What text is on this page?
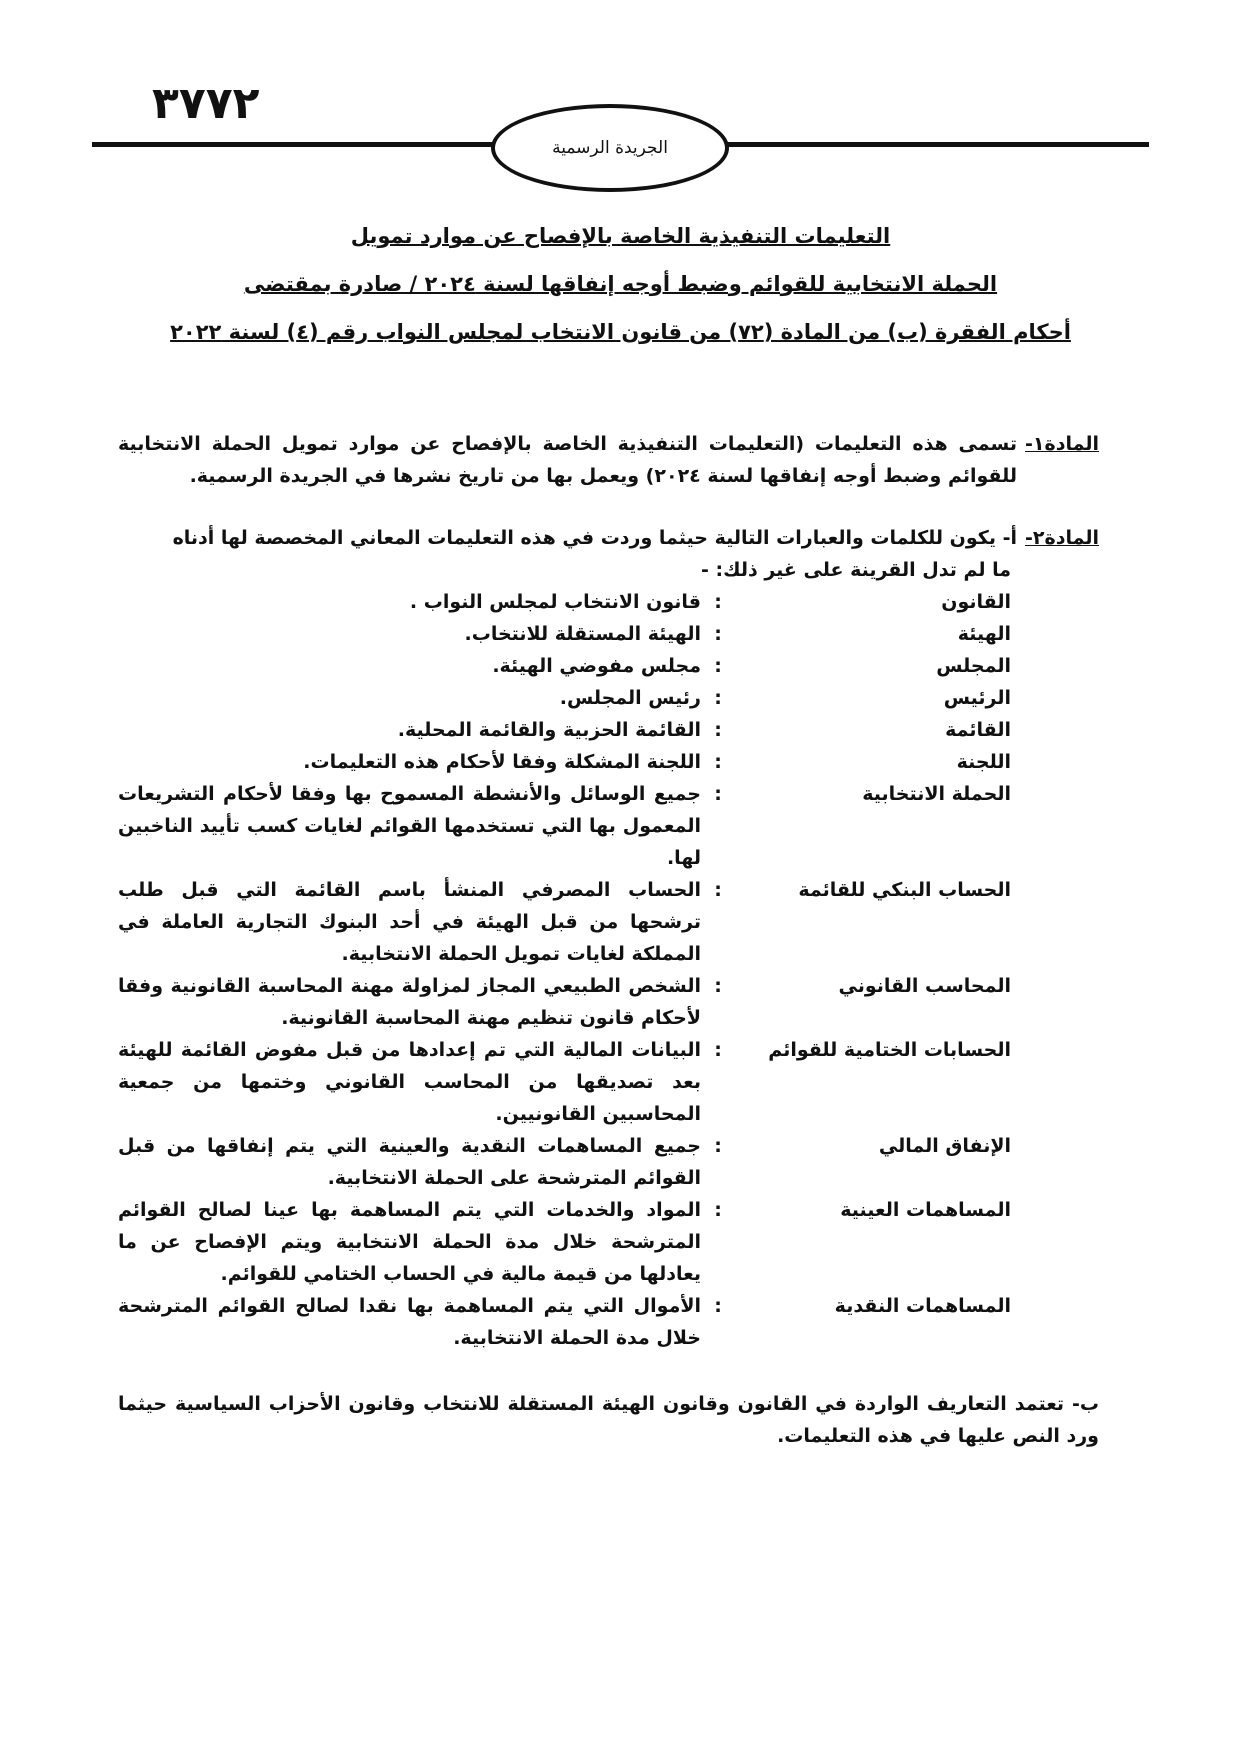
٣٧٧٢
الجريدة الرسمية
التعليمات التنفيذية الخاصة بالإفصاح عن موارد تمويل
الحملة الانتخابية للقوائم وضبط أوجه إنفاقها لسنة ٢٠٢٤ / صادرة بمقتضى
أحكام الفقرة (ب) من المادة (٧٢) من قانون الانتخاب لمجلس النواب رقم (٤) لسنة ٢٠٢٢
المادة١-
تسمى هذه التعليمات (التعليمات التنفيذية الخاصة بالإفصاح عن موارد تمويل الحملة الانتخابية للقوائم وضبط أوجه إنفاقها لسنة ٢٠٢٤) ويعمل بها من تاريخ نشرها في الجريدة الرسمية.
المادة٢-
أ- يكون للكلمات والعبارات التالية حيثما وردت في هذه التعليمات المعاني المخصصة لها أدناه
ما لم تدل القرينة على غير ذلك: -
القانون
:
قانون الانتخاب لمجلس النواب .
الهيئة
:
الهيئة المستقلة للانتخاب.
المجلس
:
مجلس مفوضي الهيئة.
الرئيس
:
رئيس المجلس.
القائمة
:
القائمة الحزبية والقائمة المحلية.
اللجنة
:
اللجنة المشكلة وفقا لأحكام هذه التعليمات.
الحملة الانتخابية
:
جميع الوسائل والأنشطة المسموح بها وفقا لأحكام التشريعات المعمول بها التي تستخدمها القوائم لغايات كسب تأييد الناخبين لها.
الحساب البنكي للقائمة
:
الحساب المصرفي المنشأ باسم القائمة التي قبل طلب ترشحها من قبل الهيئة في أحد البنوك التجارية العاملة في المملكة لغايات تمويل الحملة الانتخابية.
المحاسب القانوني
:
الشخص الطبيعي المجاز لمزاولة مهنة المحاسبة القانونية وفقا لأحكام قانون تنظيم مهنة المحاسبة القانونية.
الحسابات الختامية للقوائم
:
البيانات المالية التي تم إعدادها من قبل مفوض القائمة للهيئة بعد تصديقها من المحاسب القانوني وختمها من جمعية المحاسبين القانونيين.
الإنفاق المالي
:
جميع المساهمات النقدية والعينية التي يتم إنفاقها من قبل القوائم المترشحة على الحملة الانتخابية.
المساهمات العينية
:
المواد والخدمات التي يتم المساهمة بها عينا لصالح القوائم المترشحة خلال مدة الحملة الانتخابية ويتم الإفصاح عن ما يعادلها من قيمة مالية في الحساب الختامي للقوائم.
المساهمات النقدية
:
الأموال التي يتم المساهمة بها نقدا لصالح القوائم المترشحة خلال مدة الحملة الانتخابية.
ب- تعتمد التعاريف الواردة في القانون وقانون الهيئة المستقلة للانتخاب وقانون الأحزاب السياسية حيثما ورد النص عليها في هذه التعليمات.
